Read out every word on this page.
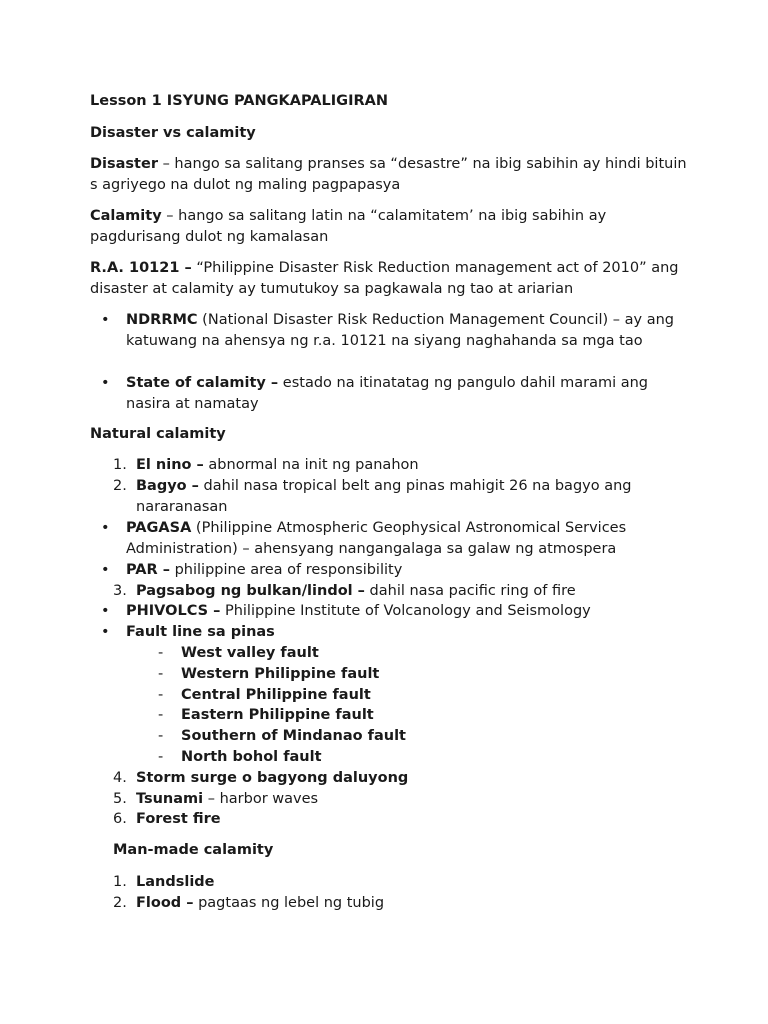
Lesson 1 ISYUNG PANGKAPALIGIRAN
Disaster vs calamity
Disaster – hango sa salitang pranses sa “desastre” na ibig sabihin ay hindi bituin s agriyego na dulot ng maling pagpapasya
Calamity – hango sa salitang latin na “calamitatem’ na ibig sabihin ay pagdurisang dulot ng kamalasan
R.A. 10121 – “Philippine Disaster Risk Reduction management act of 2010” ang disaster at calamity ay tumutukoy sa pagkawala ng tao at ariarian
• NDRRMC (National Disaster Risk Reduction Management Council) – ay ang katuwang na ahensya ng r.a. 10121 na siyang naghahanda sa mga tao
• State of calamity – estado na itinatatag ng pangulo dahil marami ang nasira at namatay
Natural calamity
1. El nino – abnormal na init ng panahon
2. Bagyo – dahil nasa tropical belt ang pinas mahigit 26 na bagyo ang
nararanasan
• PAGASA (Philippine Atmospheric Geophysical Astronomical Services
Administration) – ahensyang nangangalaga sa galaw ng atmospera
• PAR – philippine area of responsibility
3. Pagsabog ng bulkan/lindol – dahil nasa pacific ring of fire
• PHIVOLCS – Philippine Institute of Volcanology and Seismology
• Fault line sa pinas
- West valley fault
- Western Philippine fault
- Central Philippine fault
- Eastern Philippine fault
- Southern of Mindanao fault
- North bohol fault
4. Storm surge o bagyong daluyong
5. Tsunami – harbor waves
6. Forest fire
Man-made calamity
1. Landslide
2. Flood – pagtaas ng lebel ng tubig
